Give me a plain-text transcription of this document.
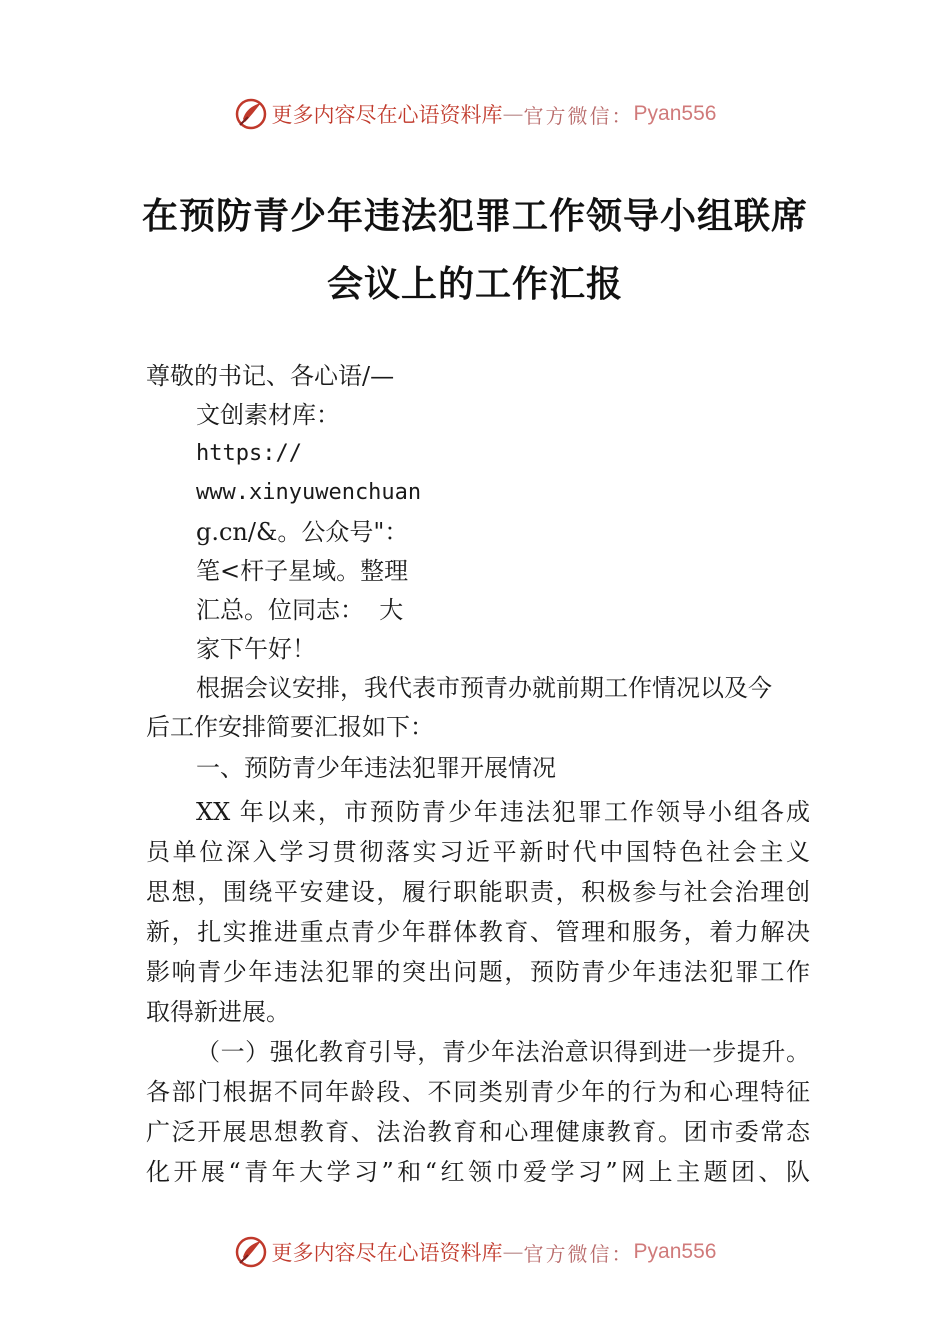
更多内容尽在心语资料库 — 官方微信： Pyan556
在预防青少年违法犯罪工作领导小组联席
会议上的工作汇报
尊敬的书记、各心语/—
文创素材库：
https://
www.xinyuwenchuan
g.cn/&。公众号"：
笔<杆子星域。整理
汇总。位同志：  大
家下午好！
根据会议安排，我代表市预青办就前期工作情况以及今
后工作安排简要汇报如下：
一、预防青少年违法犯罪开展情况
XX 年以来，市预防青少年违法犯罪工作领导小组各成
员单位深入学习贯彻落实习近平新时代中国特色社会主义
思想，围绕平安建设，履行职能职责，积极参与社会治理创
新，扎实推进重点青少年群体教育、管理和服务，着力解决
影响青少年违法犯罪的突出问题，预防青少年违法犯罪工作
取得新进展。
（一）强化教育引导，青少年法治意识得到进一步提升。
各部门根据不同年龄段、不同类别青少年的行为和心理特征
广泛开展思想教育、法治教育和心理健康教育。团市委常态
化开展“青年大学习”和“红领巾爱学习”网上主题团、队
更多内容尽在心语资料库 — 官方微信： Pyan556
